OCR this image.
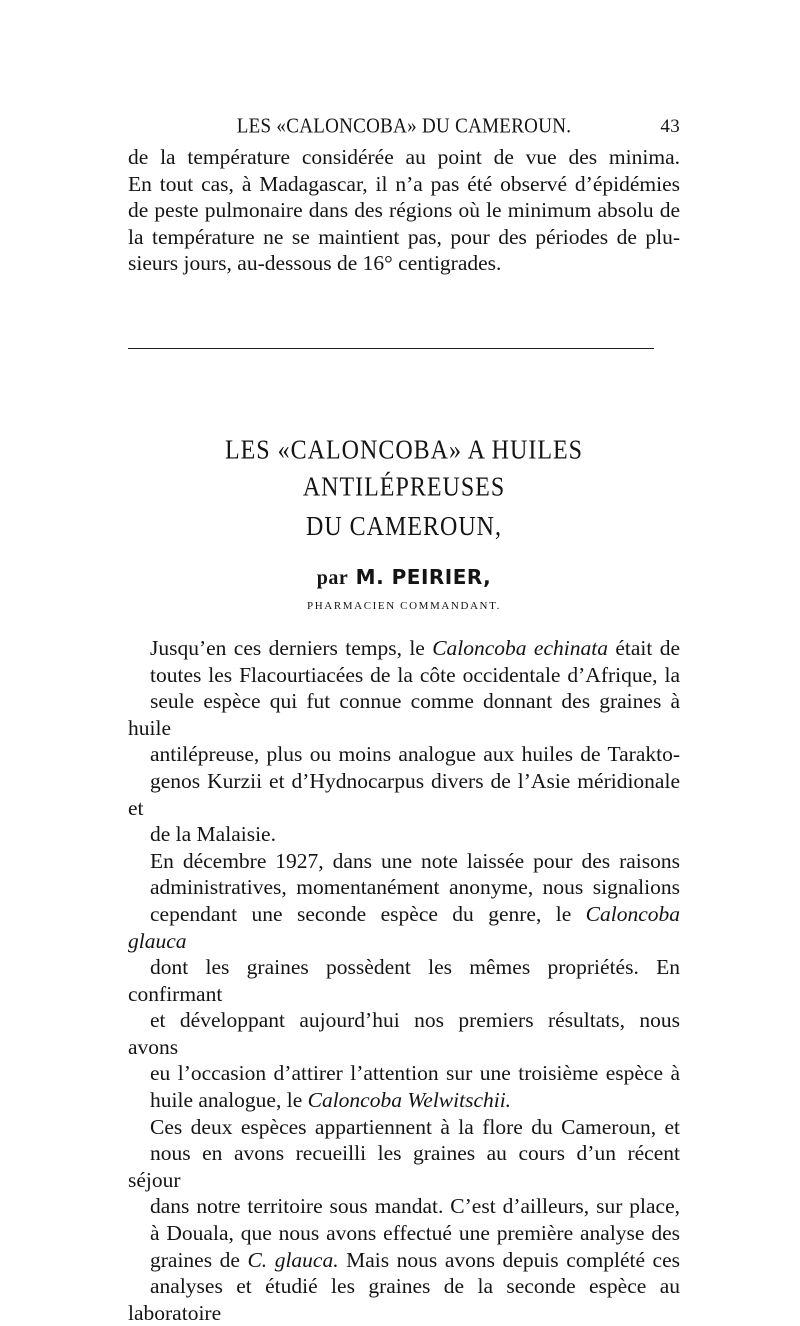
LES «CALONCOBA» DU CAMEROUN.	43
de la température considérée au point de vue des minima.
En tout cas, à Madagascar, il n’a pas été observé d’épidémies
de peste pulmonaire dans des régions où le minimum absolu de
la température ne se maintient pas, pour des périodes de plu-
sieurs jours, au-dessous de 16° centigrades.
LES «CALONCOBA» A HUILES ANTILÉPREUSES
DU CAMEROUN,
par M. PEIRIER,
PHARMACIEN COMMANDANT.
Jusqu’en ces derniers temps, le Caloncoba echinata était de
toutes les Flacourtiacées de la côte occidentale d’Afrique, la
seule espèce qui fut connue comme donnant des graines à huile
antilépreuse, plus ou moins analogue aux huiles de Tarakto-
genos Kurzii et d’Hydnocarpus divers de l’Asie méridionale et
de la Malaisie.
En décembre 1927, dans une note laissée pour des raisons
administratives, momentanément anonyme, nous signalions
cependant une seconde espèce du genre, le Caloncoba glauca
dont les graines possèdent les mêmes propriétés. En confirmant
et développant aujourd’hui nos premiers résultats, nous avons
eu l’occasion d’attirer l’attention sur une troisième espèce à
huile analogue, le Caloncoba Welwitschii.
Ces deux espèces appartiennent à la flore du Cameroun, et
nous en avons recueilli les graines au cours d’un récent séjour
dans notre territoire sous mandat. C’est d’ailleurs, sur place,
à Douala, que nous avons effectué une première analyse des
graines de C. glauca. Mais nous avons depuis complété ces
analyses et étudié les graines de la seconde espèce au laboratoire
